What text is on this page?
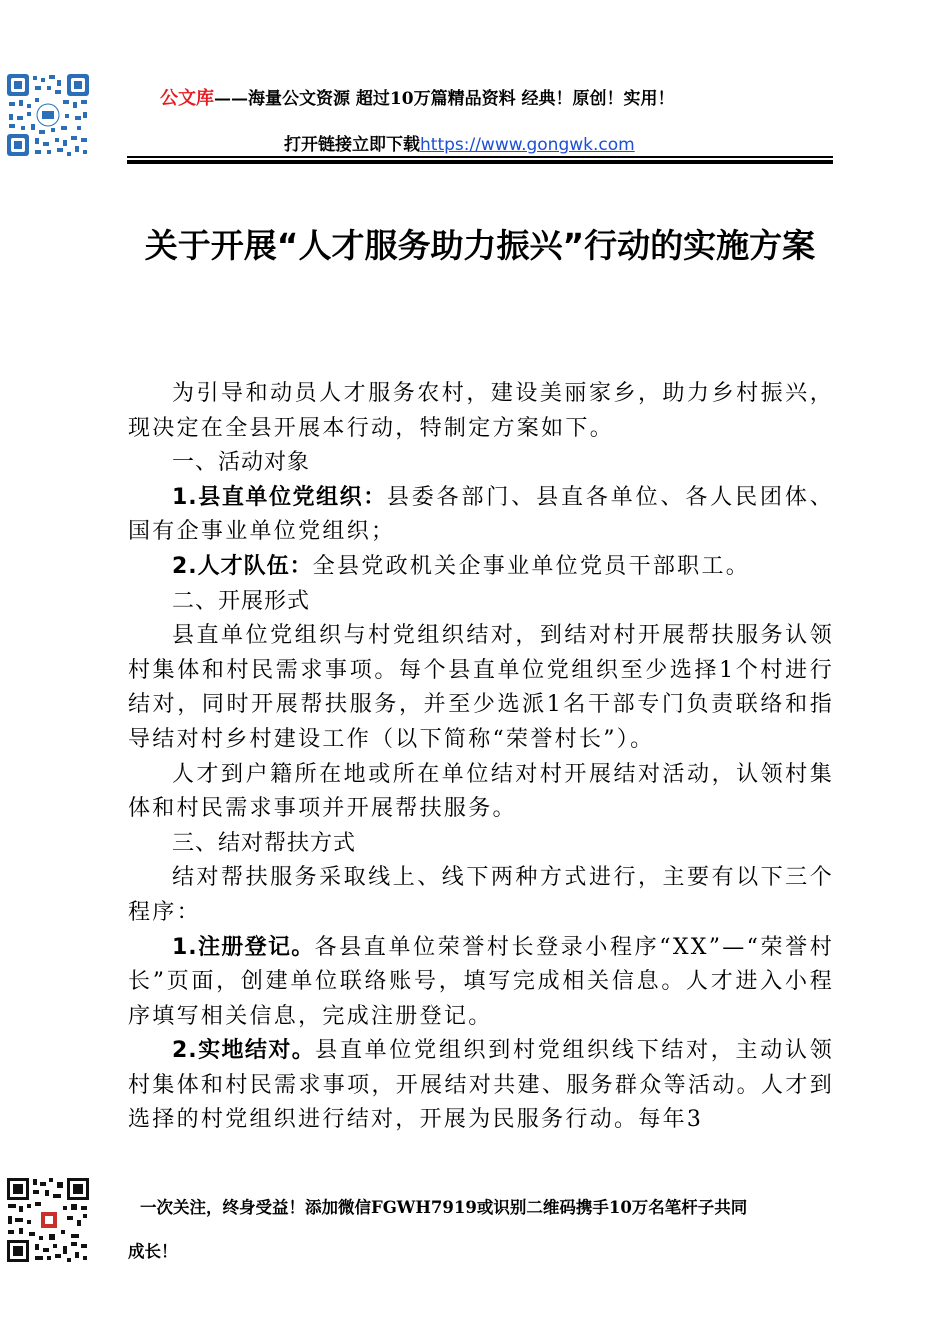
公文库——海量公文资源 超过10万篇精品资料 经典！原创！实用！
打开链接立即下载https://www.gongwk.com
关于开展“人才服务助力振兴”行动的实施方案

为引导和动员人才服务农村，建设美丽家乡，助力乡村振兴，现决定在全县开展本行动，特制定方案如下。

一、活动对象

1.县直单位党组织：县委各部门、县直各单位、各人民团体、国有企事业单位党组织；

2.人才队伍：全县党政机关企事业单位党员干部职工。

二、开展形式

县直单位党组织与村党组织结对，到结对村开展帮扶服务认领村集体和村民需求事项。每个县直单位党组织至少选择1个村进行结对，同时开展帮扶服务，并至少选派1名干部专门负责联络和指导结对村乡村建设工作（以下简称“荣誉村长”）。

人才到户籍所在地或所在单位结对村开展结对活动，认领村集体和村民需求事项并开展帮扶服务。

三、结对帮扶方式

结对帮扶服务采取线上、线下两种方式进行，主要有以下三个程序：

1.注册登记。各县直单位荣誉村长登录小程序“XX”—“荣誉村长”页面，创建单位联络账号，填写完成相关信息。人才进入小程序填写相关信息，完成注册登记。

2.实地结对。县直单位党组织到村党组织线下结对，主动认领村集体和村民需求事项，开展结对共建、服务群众等活动。人才到选择的村党组织进行结对，开展为民服务行动。每年3

一次关注，终身受益！添加微信FGWH7919或识别二维码携手10万名笔杆子共同
成长！
